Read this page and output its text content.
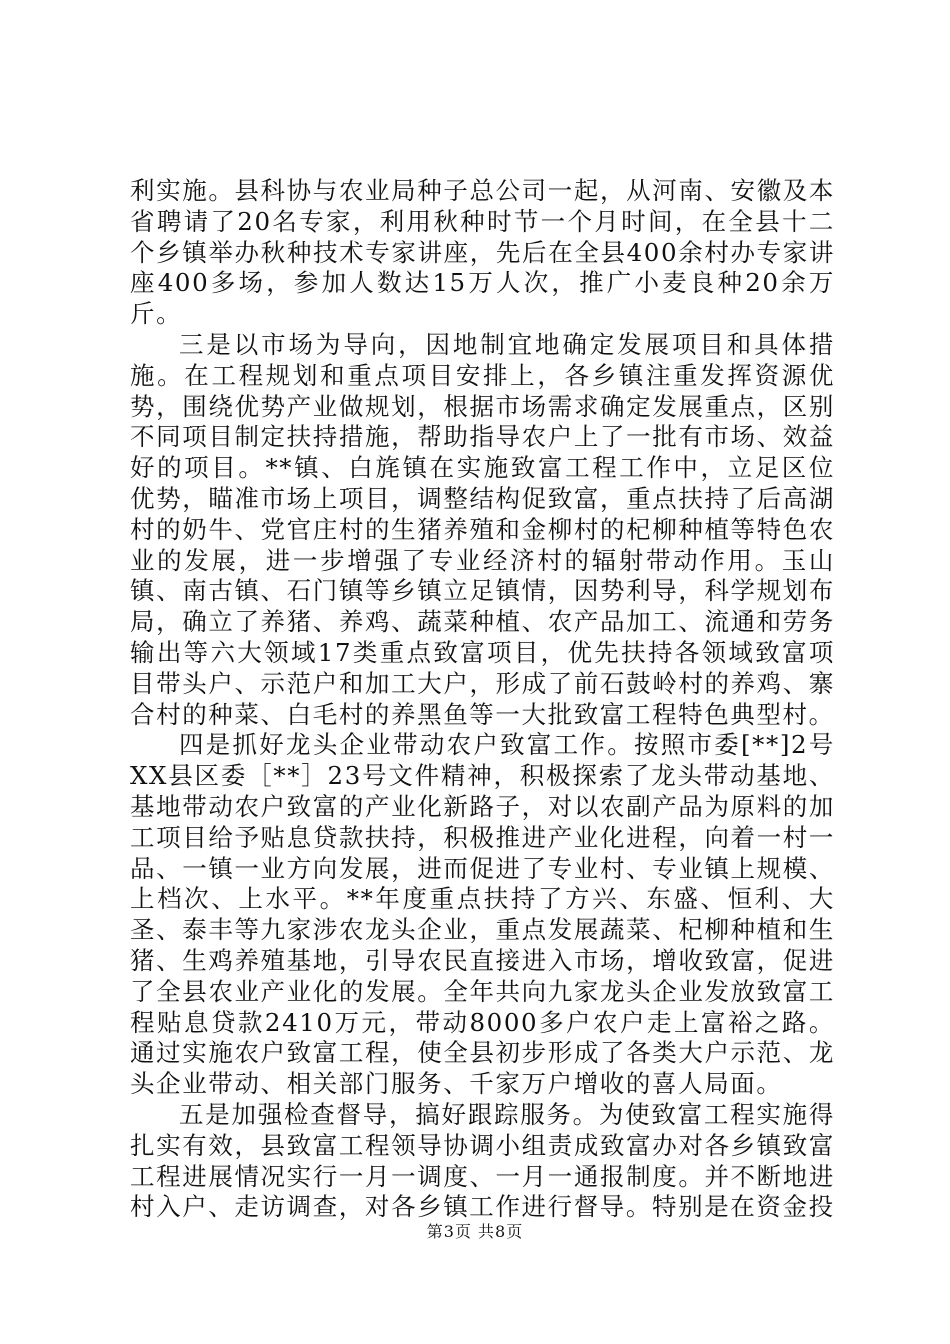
利实施。县科协与农业局种子总公司一起，从河南、安徽及本省聘请了20名专家，利用秋种时节一个月时间，在全县十二个乡镇举办秋种技术专家讲座，先后在全县400余村办专家讲座400多场，参加人数达15万人次，推广小麦良种20余万斤。

三是以市场为导向，因地制宜地确定发展项目和具体措施。在工程规划和重点项目安排上，各乡镇注重发挥资源优势，围绕优势产业做规划，根据市场需求确定发展重点，区别不同项目制定扶持措施，帮助指导农户上了一批有市场、效益好的项目。**镇、白旄镇在实施致富工程工作中，立足区位优势，瞄准市场上项目，调整结构促致富，重点扶持了后高湖村的奶牛、党官庄村的生猪养殖和金柳村的杞柳种植等特色农业的发展，进一步增强了专业经济村的辐射带动作用。玉山镇、南古镇、石门镇等乡镇立足镇情，因势利导，科学规划布局，确立了养猪、养鸡、蔬菜种植、农产品加工、流通和劳务输出等六大领域17类重点致富项目，优先扶持各领域致富项目带头户、示范户和加工大户，形成了前石鼓岭村的养鸡、寨合村的种菜、白毛村的养黑鱼等一大批致富工程特色典型村。

四是抓好龙头企业带动农户致富工作。按照市委[**]2号XX县区委［**］23号文件精神，积极探索了龙头带动基地、基地带动农户致富的产业化新路子，对以农副产品为原料的加工项目给予贴息贷款扶持，积极推进产业化进程，向着一村一品、一镇一业方向发展，进而促进了专业村、专业镇上规模、上档次、上水平。**年度重点扶持了方兴、东盛、恒利、大圣、泰丰等九家涉农龙头企业，重点发展蔬菜、杞柳种植和生猪、生鸡养殖基地，引导农民直接进入市场，增收致富，促进了全县农业产业化的发展。全年共向九家龙头企业发放致富工程贴息贷款2410万元，带动8000多户农户走上富裕之路。通过实施农户致富工程，使全县初步形成了各类大户示范、龙头企业带动、相关部门服务、千家万户增收的喜人局面。

五是加强检查督导，搞好跟踪服务。为使致富工程实施得扎实有效，县致富工程领导协调小组责成致富办对各乡镇致富工程进展情况实行一月一调度、一月一通报制度。并不断地进村入户、走访调查，对各乡镇工作进行督导。特别是在资金投

第3页 共8页
